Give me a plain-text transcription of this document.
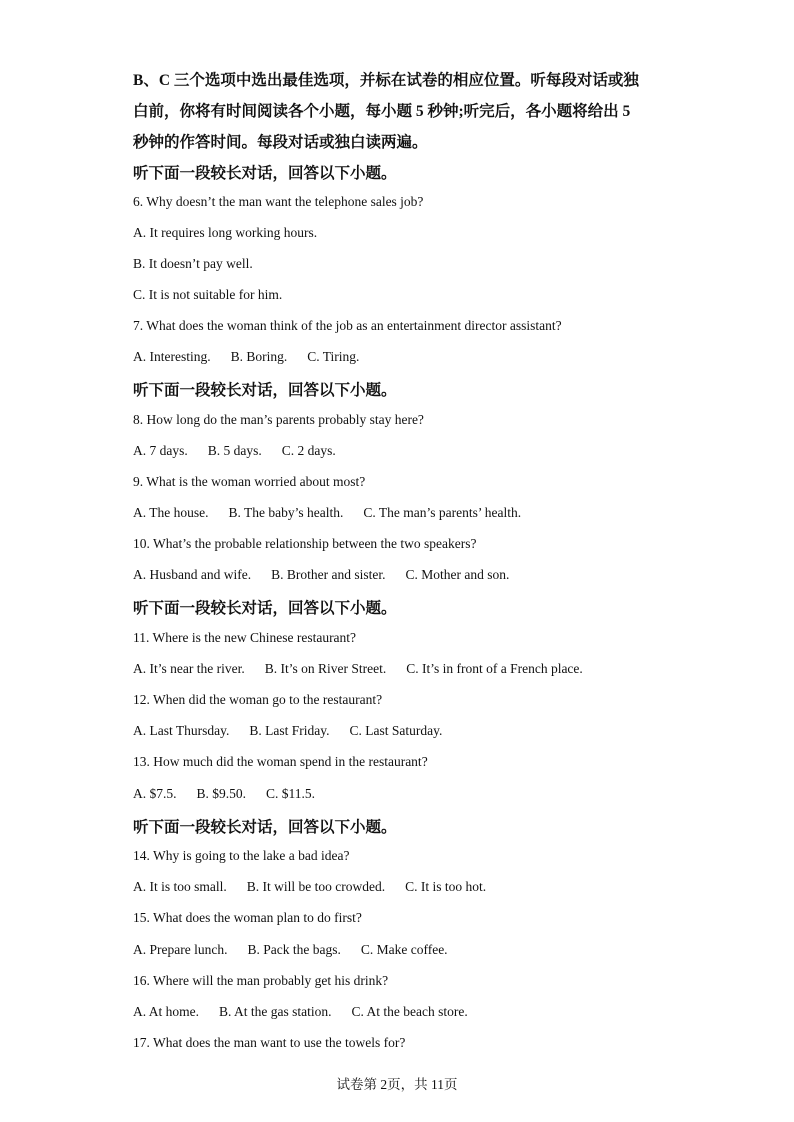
B、C 三个选项中选出最佳选项，并标在试卷的相应位置。听每段对话或独
白前，你将有时间阅读各个小题，每小题 5 秒钟;听完后，各小题将给出 5
秒钟的作答时间。每段对话或独白读两遍。
听下面一段较长对话，回答以下小题。
6. Why doesn’t the man want the telephone sales job?
A. It requires long working hours.
B. It doesn’t pay well.
C. It is not suitable for him.
7. What does the woman think of the job as an entertainment director assistant?
A. Interesting. B. Boring. C. Tiring.
听下面一段较长对话，回答以下小题。
8. How long do the man’s parents probably stay here?
A. 7 days. B. 5 days. C. 2 days.
9. What is the woman worried about most?
A. The house. B. The baby’s health. C. The man’s parents’ health.
10. What’s the probable relationship between the two speakers?
A. Husband and wife. B. Brother and sister. C. Mother and son.
听下面一段较长对话，回答以下小题。
11. Where is the new Chinese restaurant?
A. It’s near the river. B. It’s on River Street. C. It’s in front of a French place.
12. When did the woman go to the restaurant?
A. Last Thursday. B. Last Friday. C. Last Saturday.
13. How much did the woman spend in the restaurant?
A. $7.5. B. $9.50. C. $11.5.
听下面一段较长对话，回答以下小题。
14. Why is going to the lake a bad idea?
A. It is too small. B. It will be too crowded. C. It is too hot.
15. What does the woman plan to do first?
A. Prepare lunch. B. Pack the bags. C. Make coffee.
16. Where will the man probably get his drink?
A. At home. B. At the gas station. C. At the beach store.
17. What does the man want to use the towels for?
试卷第 2页，共 11页
